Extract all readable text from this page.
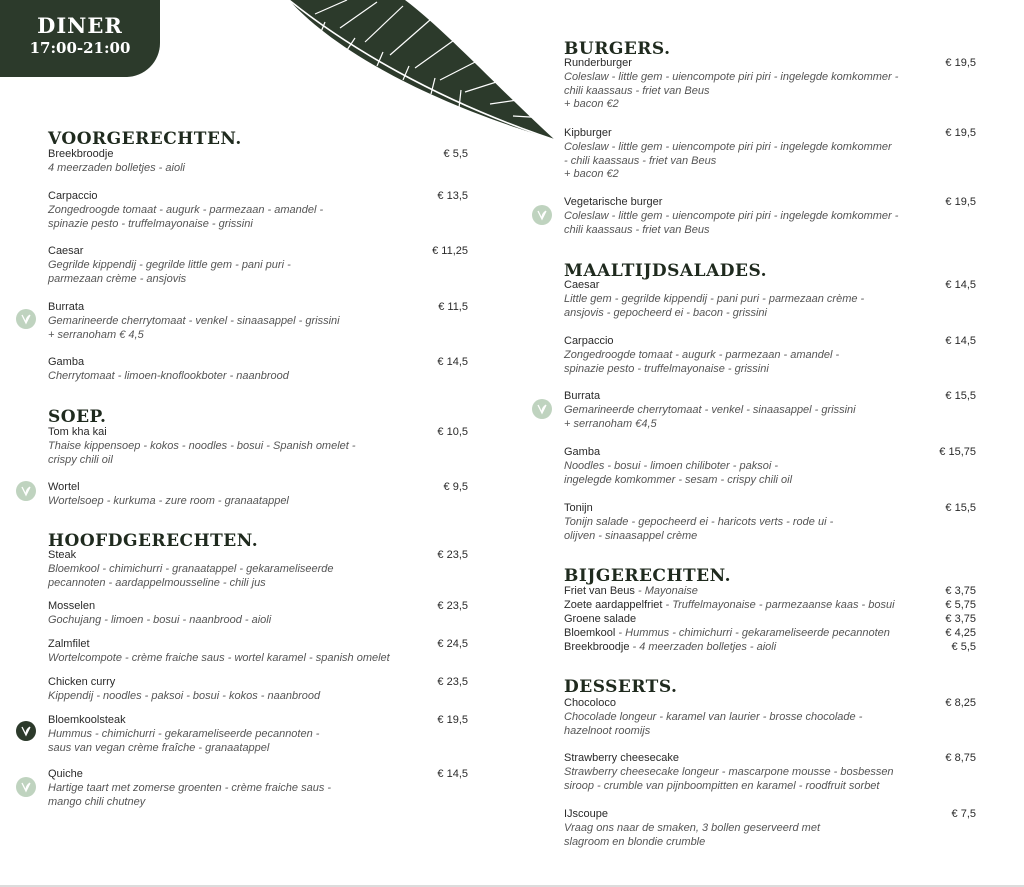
DINER
17:00-21:00
VOORGERECHTEN.
Breekbroodje
4 meerzaden bolletjes - aioli
€ 5,5
Carpaccio
Zongedroogde tomaat - augurk - parmezaan - amandel -
spinazie pesto - truffelmayonaise - grissini
€ 13,5
Caesar
Gegrilde kippendij - gegrilde little gem - pani puri -
parmezaan crème - ansjovis
€ 11,25
Burrata
Gemarineerde cherrytomaat - venkel - sinaasappel - grissini
+ serranoham € 4,5
€ 11,5
Gamba
Cherrytomaat - limoen-knoflookboter - naanbrood
€ 14,5
SOEP.
Tom kha kai
Thaise kippensoep - kokos - noodles - bosui - Spanish omelet -
crispy chili oil
€ 10,5
Wortel
Wortelsoep - kurkuma - zure room - granaatappel
€ 9,5
HOOFDGERECHTEN.
Steak
Bloemkool - chimichurri - granaatappel - gekarameliseerde
pecannoten - aardappelmousseline - chili jus
€ 23,5
Mosselen
Gochujang - limoen - bosui - naanbrood - aioli
€ 23,5
Zalmfilet
Wortelcompote - crème fraiche saus - wortel karamel - spanish omelet
€ 24,5
Chicken curry
Kippendij - noodles - paksoi - bosui - kokos - naanbrood
€ 23,5
Bloemkoolsteak
Hummus - chimichurri - gekarameliseerde pecannoten -
saus van vegan crème fraîche - granaatappel
€ 19,5
Quiche
Hartige taart met zomerse groenten - crème fraiche saus -
mango chili chutney
€ 14,5
BURGERS.
Runderburger
Coleslaw - little gem - uiencompote piri piri - ingelegde komkommer -
chili kaassaus - friet van Beus
+ bacon €2
€ 19,5
Kipburger
Coleslaw - little gem - uiencompote piri piri - ingelegde komkommer
- chili kaassaus - friet van Beus
+ bacon €2
€ 19,5
Vegetarische burger
Coleslaw - little gem - uiencompote piri piri - ingelegde komkommer -
chili kaassaus - friet van Beus
€ 19,5
MAALTIJDSALADES.
Caesar
Little gem - gegrilde kippendij - pani puri - parmezaan crème -
ansjovis - gepocheerd ei - bacon - grissini
€ 14,5
Carpaccio
Zongedroogde tomaat - augurk - parmezaan - amandel -
spinazie pesto - truffelmayonaise - grissini
€ 14,5
Burrata
Gemarineerde cherrytomaat - venkel - sinaasappel - grissini
+ serranoham €4,5
€ 15,5
Gamba
Noodles - bosui - limoen chiliboter - paksoi -
ingelegde komkommer - sesam - crispy chili oil
€ 15,75
Tonijn
Tonijn salade - gepocheerd ei - haricots verts - rode ui -
olijven - sinaasappel crème
€ 15,5
BIJGERECHTEN.
Friet van Beus - Mayonaise	€ 3,75
Zoete aardappelfriet - Truffelmayonaise - parmezaanse kaas - bosui	€ 5,75
Groene salade	€ 3,75
Bloemkool - Hummus - chimichurri - gekarameliseerde pecannoten	€ 4,25
Breekbroodje - 4 meerzaden bolletjes - aioli	€ 5,5
DESSERTS.
Chocoloco
Chocolade longeur - karamel van laurier - brosse chocolade -
hazelnoot roomijs
€ 8,25
Strawberry cheesecake
Strawberry cheesecake longeur - mascarpone mousse - bosbessen
siroop - crumble van pijnboompitten en karamel - roodfruit sorbet
€ 8,75
IJscoupe
Vraag ons naar de smaken, 3 bollen geserveerd met
slagroom en blondie crumble
€ 7,5
